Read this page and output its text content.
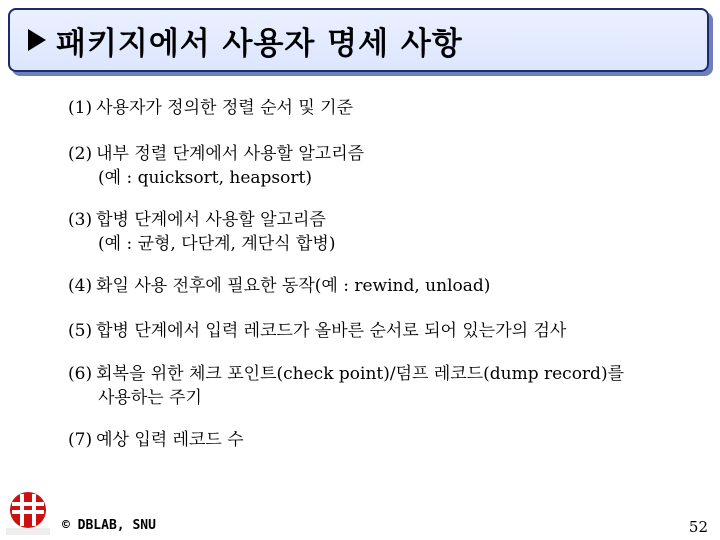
패키지에서 사용자 명세 사항

(1) 사용자가 정의한 정렬 순서 및 기준

(2) 내부 정렬 단계에서 사용할 알고리즘
(예 : quicksort, heapsort)

(3) 합병 단계에서 사용할 알고리즘
(예 : 균형, 다단계, 계단식 합병)

(4) 화일 사용 전후에 필요한 동작(예 : rewind, unload)

(5) 합병 단계에서 입력 레코드가 올바른 순서로 되어 있는가의 검사

(6) 회복을 위한 체크 포인트(check point)/덤프 레코드(dump record)를
사용하는 주기

(7) 예상 입력 레코드 수

© DBLAB, SNU	52
